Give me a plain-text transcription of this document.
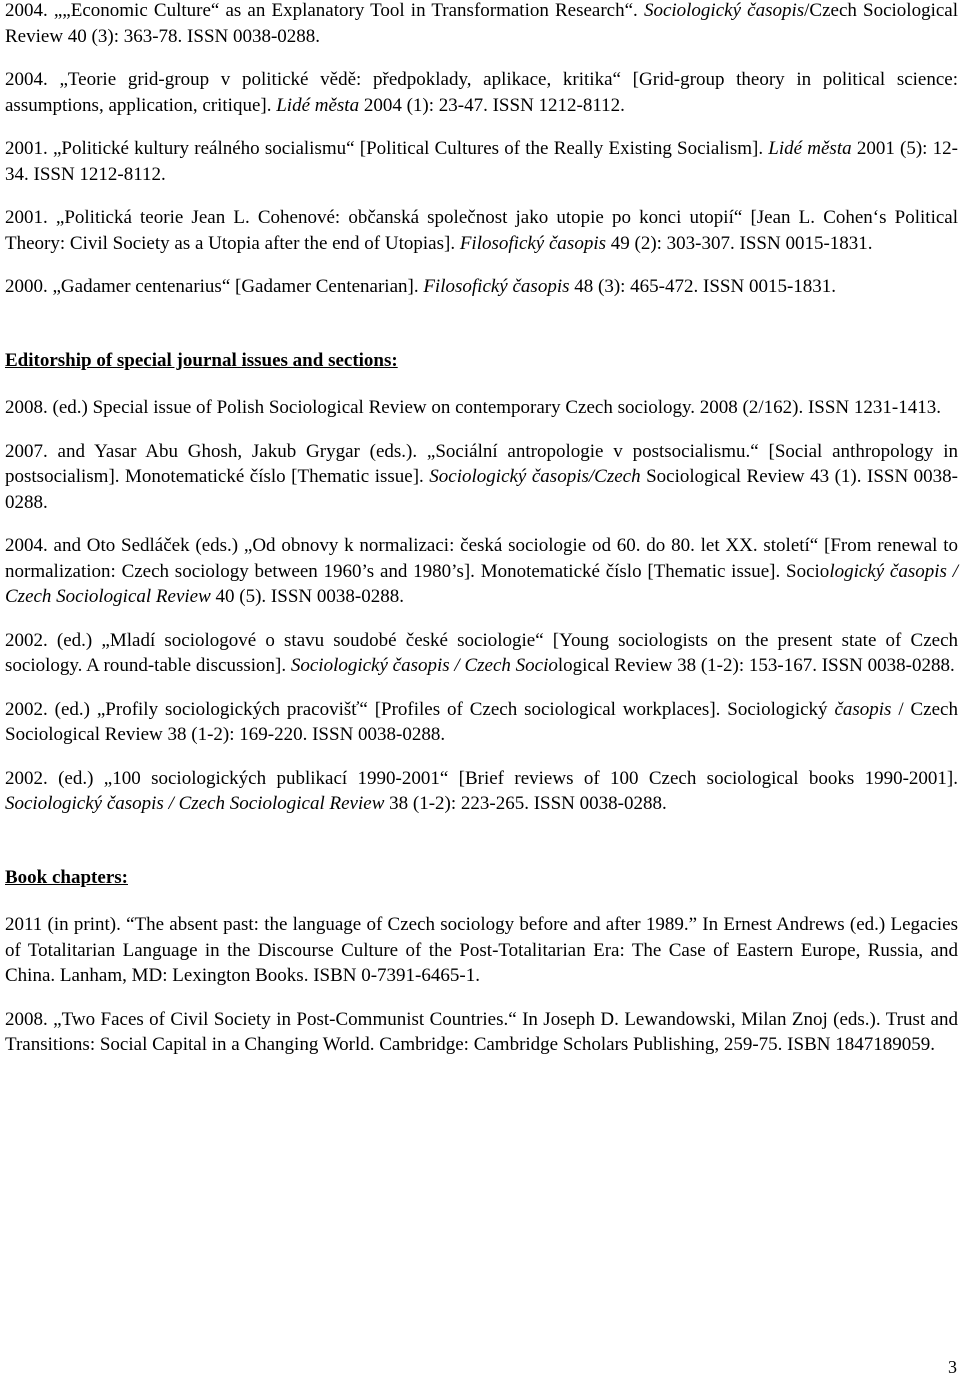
2004. „„Economic Culture“ as an Explanatory Tool in Transformation Research“. Sociologický časopis/Czech Sociological Review 40 (3): 363-78. ISSN 0038-0288.

2004. „Teorie grid-group v politické vědě: předpoklady, aplikace, kritika“ [Grid-group theory in political science: assumptions, application, critique]. Lidé města 2004 (1): 23-47. ISSN 1212-8112.

2001. „Politické kultury reálného socialismu“ [Political Cultures of the Really Existing Socialism]. Lidé města 2001 (5): 12-34. ISSN 1212-8112.

2001. „Politická teorie Jean L. Cohenové: občanská společnost jako utopie po konci utopií“ [Jean L. Cohen‘s Political Theory: Civil Society as a Utopia after the end of Utopias]. Filosofický časopis 49 (2): 303-307. ISSN 0015-1831.

2000. „Gadamer centenarius“ [Gadamer Centenarian]. Filosofický časopis 48 (3): 465-472. ISSN 0015-1831.

Editorship of special journal issues and sections:

2008. (ed.) Special issue of Polish Sociological Review on contemporary Czech sociology. 2008 (2/162). ISSN 1231-1413.

2007. and Yasar Abu Ghosh, Jakub Grygar (eds.). „Sociální antropologie v postsocialismu.“ [Social anthropology in postsocialism]. Monotematické číslo [Thematic issue]. Sociologický časopis/Czech Sociological Review 43 (1). ISSN 0038-0288.

2004. and Oto Sedláček (eds.) „Od obnovy k normalizaci: česká sociologie od 60. do 80. let XX. století“ [From renewal to normalization: Czech sociology between 1960’s and 1980’s]. Monotematické číslo [Thematic issue]. Sociologický časopis / Czech Sociological Review 40 (5). ISSN 0038-0288.

2002. (ed.) „Mladí sociologové o stavu soudobé české sociologie“ [Young sociologists on the present state of Czech sociology. A round-table discussion]. Sociologický časopis / Czech Sociological Review 38 (1-2): 153-167. ISSN 0038-0288.

2002. (ed.) „Profily sociologických pracovišť“ [Profiles of Czech sociological workplaces]. Sociologický časopis / Czech Sociological Review 38 (1-2): 169-220. ISSN 0038-0288.

2002. (ed.) „100 sociologických publikací 1990-2001“ [Brief reviews of 100 Czech sociological books 1990-2001]. Sociologický časopis / Czech Sociological Review 38 (1-2): 223-265. ISSN 0038-0288.

Book chapters:

2011 (in print). “The absent past: the language of Czech sociology before and after 1989.” In Ernest Andrews (ed.) Legacies of Totalitarian Language in the Discourse Culture of the Post-Totalitarian Era: The Case of Eastern Europe, Russia, and China. Lanham, MD: Lexington Books. ISBN 0-7391-6465-1.

2008. „Two Faces of Civil Society in Post-Communist Countries.“ In Joseph D. Lewandowski, Milan Znoj (eds.). Trust and Transitions: Social Capital in a Changing World. Cambridge: Cambridge Scholars Publishing, 259-75. ISBN 1847189059.

3
